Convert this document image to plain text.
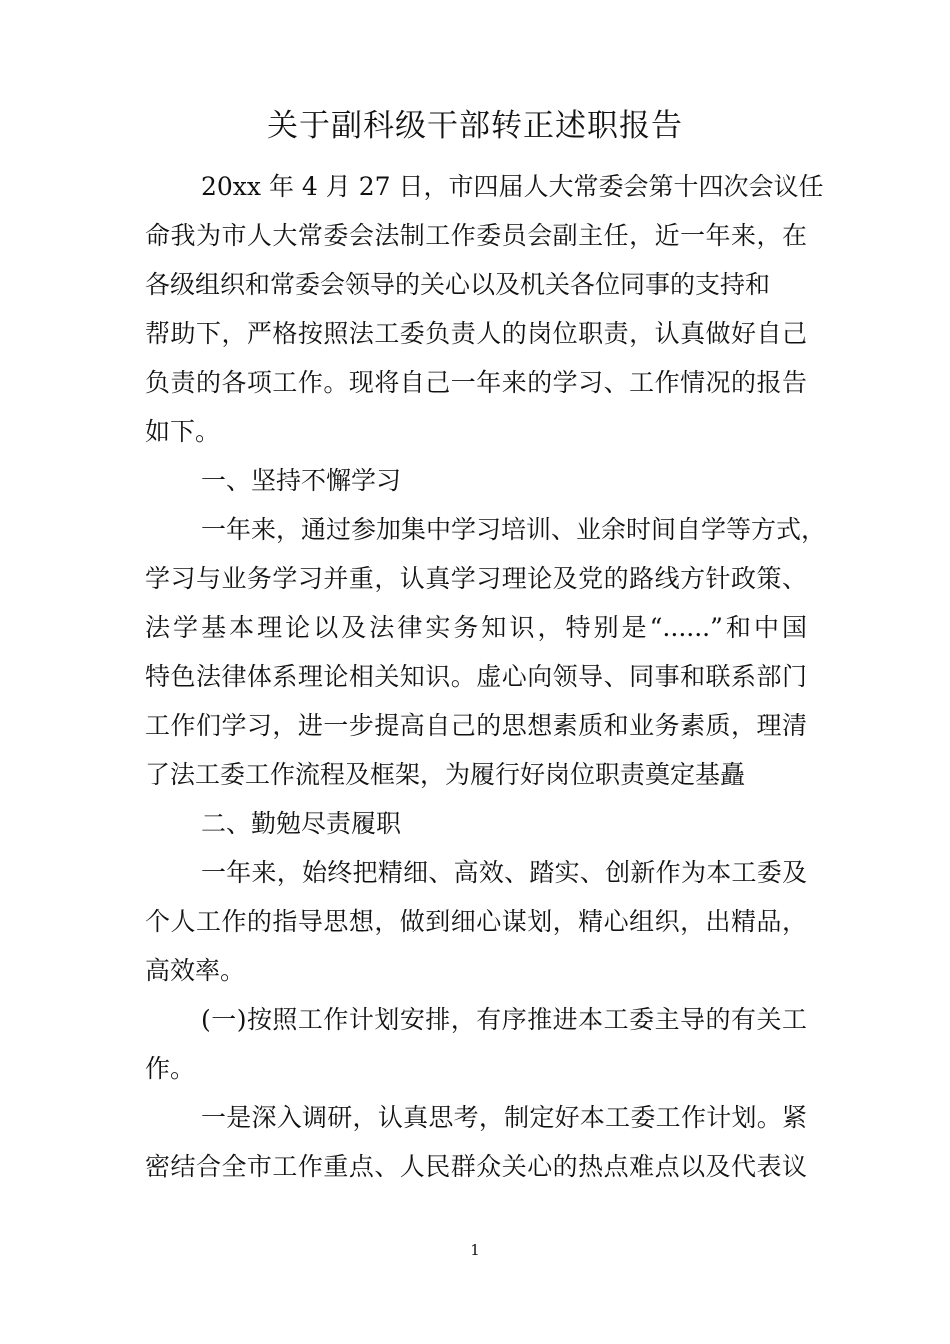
关于副科级干部转正述职报告
20xx 年 4 月 27 日，市四届人大常委会第十四次会议任
命我为市人大常委会法制工作委员会副主任，近一年来，在
各级组织和常委会领导的关心以及机关各位同事的支持和
帮助下，严格按照法工委负责人的岗位职责，认真做好自己
负责的各项工作。现将自己一年来的学习、工作情况的报告
如下。
一、坚持不懈学习
一年来，通过参加集中学习培训、业余时间自学等方式，
学习与业务学习并重，认真学习理论及党的路线方针政策、
法学基本理论以及法律实务知识，特别是“......”和中国
特色法律体系理论相关知识。虚心向领导、同事和联系部门
工作们学习，进一步提高自己的思想素质和业务素质，理清
了法工委工作流程及框架，为履行好岗位职责奠定基矗
二、勤勉尽责履职
一年来，始终把精细、高效、踏实、创新作为本工委及
个人工作的指导思想，做到细心谋划，精心组织，出精品，
高效率。
(一)按照工作计划安排，有序推进本工委主导的有关工
作。
一是深入调研，认真思考，制定好本工委工作计划。紧
密结合全市工作重点、人民群众关心的热点难点以及代表议
1
